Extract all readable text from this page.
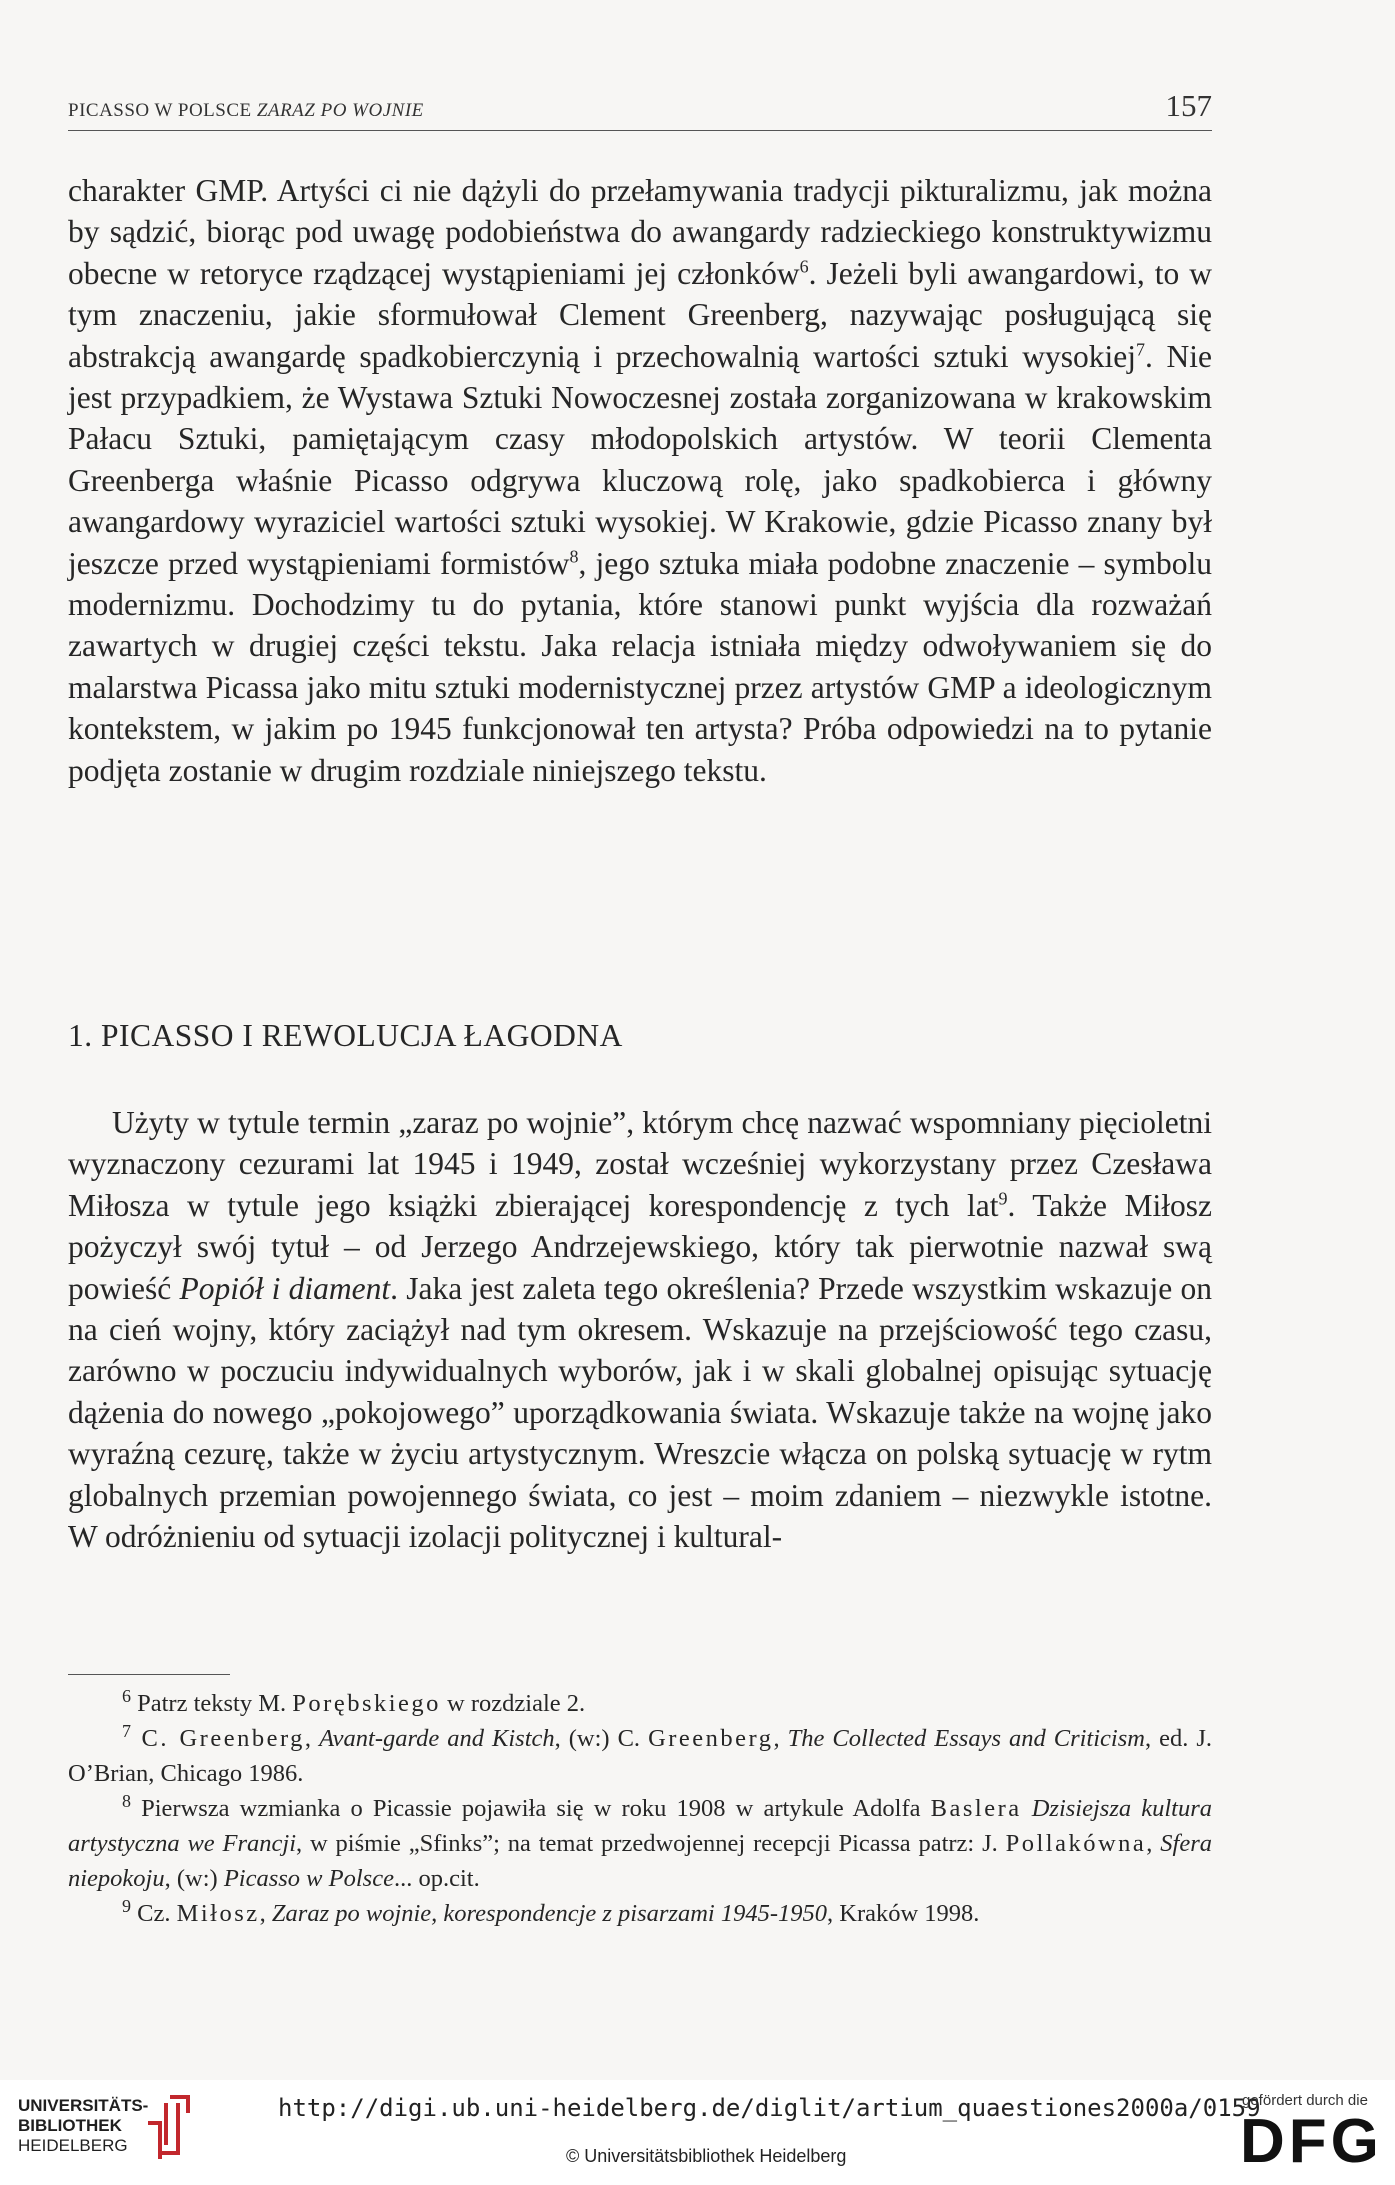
PICASSO W POLSCE ZARAZ PO WOJNIE	157

charakter GMP. Artyści ci nie dążyli do przełamywania tradycji pikturalizmu, jak można by sądzić, biorąc pod uwagę podobieństwa do awangardy radzieckiego konstruktywizmu obecne w retoryce rządzącej wystąpieniami jej członków$^6$. Jeżeli byli awangardowi, to w tym znaczeniu, jakie sformułował Clement Greenberg, nazywając posługującą się abstrakcją awangardę spadkobierczynią i przechowalnią wartości sztuki wysokiej$^7$. Nie jest przypadkiem, że Wystawa Sztuki Nowoczesnej została zorganizowana w krakowskim Pałacu Sztuki, pamiętającym czasy młodopolskich artystów. W teorii Clementa Greenberga właśnie Picasso odgrywa kluczową rolę, jako spadkobierca i główny awangardowy wyraziciel wartości sztuki wysokiej. W Krakowie, gdzie Picasso znany był jeszcze przed wystąpieniami formistów$^8$, jego sztuka miała podobne znaczenie – symbolu modernizmu. Dochodzimy tu do pytania, które stanowi punkt wyjścia dla rozważań zawartych w drugiej części tekstu. Jaka relacja istniała między odwoływaniem się do malarstwa Picassa jako mitu sztuki modernistycznej przez artystów GMP a ideologicznym kontekstem, w jakim po 1945 funkcjonował ten artysta? Próba odpowiedzi na to pytanie podjęta zostanie w drugim rozdziale niniejszego tekstu.

1. PICASSO I REWOLUCJA ŁAGODNA

Użyty w tytule termin „zaraz po wojnie”, którym chcę nazwać wspomniany pięcioletni wyznaczony cezurami lat 1945 i 1949, został wcześniej wykorzystany przez Czesława Miłosza w tytule jego książki zbierającej korespondencję z tych lat$^9$. Także Miłosz pożyczył swój tytuł – od Jerzego Andrzejewskiego, który tak pierwotnie nazwał swą powieść Popiół i diament. Jaka jest zaleta tego określenia? Przede wszystkim wskazuje on na cień wojny, który zaciążył nad tym okresem. Wskazuje na przejściowość tego czasu, zarówno w poczuciu indywidualnych wyborów, jak i w skali globalnej opisując sytuację dążenia do nowego „pokojowego” uporządkowania świata. Wskazuje także na wojnę jako wyraźną cezurę, także w życiu artystycznym. Wreszcie włącza on polską sytuację w rytm globalnych przemian powojennego świata, co jest – moim zdaniem – niezwykle istotne. W odróżnieniu od sytuacji izolacji politycznej i kultural-

$^6$ Patrz teksty M. Porębskiego w rozdziale 2.

$^7$ C. Greenberg, Avant-garde and Kistch, (w:) C. Greenberg, The Collected Essays and Criticism, ed. J. O’Brian, Chicago 1986.

$^8$ Pierwsza wzmianka o Picassie pojawiła się w roku 1908 w artykule Adolfa Baslera Dzisiejsza kultura artystyczna we Francji, w piśmie „Sfinks”; na temat przedwojennej recepcji Picassa patrz: J. Pollakówna, Sfera niepokoju, (w:) Picasso w Polsce... op.cit.

$^9$ Cz. Miłosz, Zaraz po wojnie, korespondencje z pisarzami 1945-1950, Kraków 1998.

UNIVERSITÄTS-
BIBLIOTHEK
HEIDELBERG
http://digi.ub.uni-heidelberg.de/diglit/artium_quaestiones2000a/0159
© Universitätsbibliothek Heidelberg
gefördert durch die
DFG
